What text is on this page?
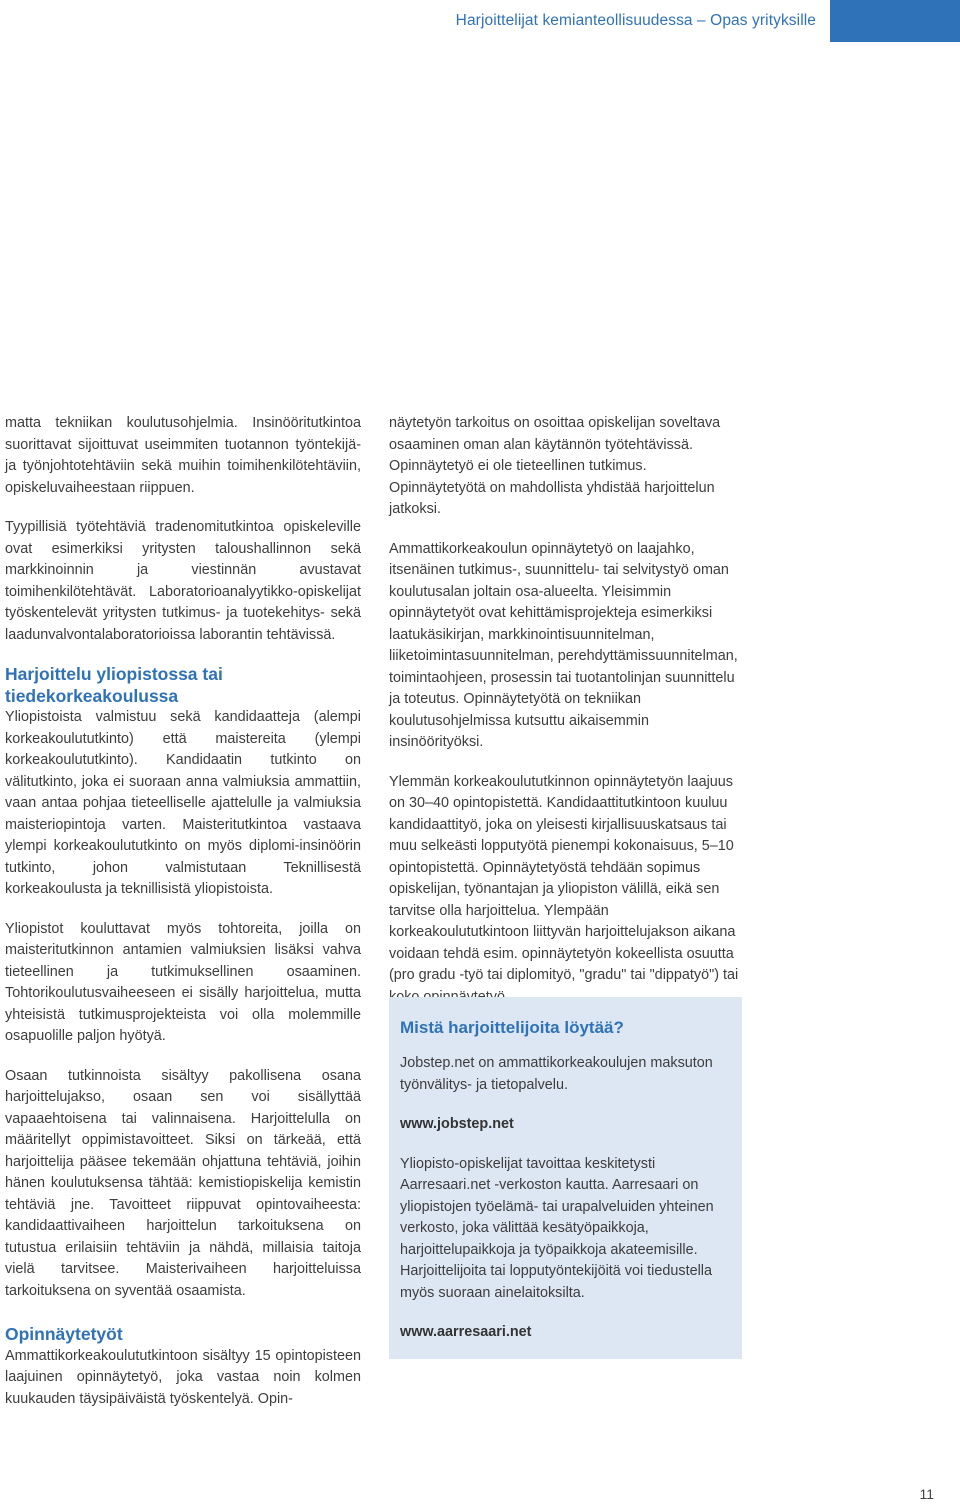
Harjoittelijat kemianteollisuudessa – Opas yrityksille

matta tekniikan koulutusohjelmia. Insinööritutkintoa suorittavat sijoittuvat useimmiten tuotannon työntekijä- ja työnjohtotehtäviin sekä muihin toimihenkilötehtäviin, opiskeluvaiheestaan riippuen.

Tyypillisiä työtehtäviä tradenomitutkintoa opiskeleville ovat esimerkiksi yritysten taloushallinnon sekä markkinoinnin ja viestinnän avustavat toimihenkilötehtävät. Laboratorioanalyytikko-opiskelijat työskentelevät yritysten tutkimus- ja tuotekehitys- sekä laadunvalvontalaboratorioissa laborantin tehtävissä.

Harjoittelu yliopistossa tai tiedekorkeakoulussa

Yliopistoista valmistuu sekä kandidaatteja (alempi korkeakoulututkinto) että maistereita (ylempi korkeakoulututkinto). Kandidaatin tutkinto on välitutkinto, joka ei suoraan anna valmiuksia ammattiin, vaan antaa pohjaa tieteelliselle ajattelulle ja valmiuksia maisteriopintoja varten. Maisteritutkintoa vastaava ylempi korkeakoulututkinto on myös diplomi-insinöörin tutkinto, johon valmistutaan Teknillisestä korkeakoulusta ja teknillisistä yliopistoista.

Yliopistot kouluttavat myös tohtoreita, joilla on maisteritutkinnon antamien valmiuksien lisäksi vahva tieteellinen ja tutkimuksellinen osaaminen. Tohtorikoulutusvaiheeseen ei sisälly harjoittelua, mutta yhteisistä tutkimusprojekteista voi olla molemmille osapuolille paljon hyötyä.

Osaan tutkinnoista sisältyy pakollisena osana harjoittelujakso, osaan sen voi sisällyttää vapaaehtoisena tai valinnaisena. Harjoittelulla on määritellyt oppimistavoitteet. Siksi on tärkeää, että harjoittelija pääsee tekemään ohjattuna tehtäviä, joihin hänen koulutuksensa tähtää: kemistiopiskelija kemistin tehtäviä jne. Tavoitteet riippuvat opintovaiheesta: kandidaattivaiheen harjoittelun tarkoituksena on tutustua erilaisiin tehtäviin ja nähdä, millaisia taitoja vielä tarvitsee. Maisterivaiheen harjoitteluissa tarkoituksena on syventää osaamista.

Opinnäytetyöt

Ammattikorkeakoulututkintoon sisältyy 15 opintopisteen laajuinen opinnäytetyö, joka vastaa noin kolmen kuukauden täysipäiväistä työskentelyä. Opin-

näytetyön tarkoitus on osoittaa opiskelijan soveltava osaaminen oman alan käytännön työtehtävissä. Opinnäytetyö ei ole tieteellinen tutkimus. Opinnäytetyötä on mahdollista yhdistää harjoittelun jatkoksi.

Ammattikorkeakoulun opinnäytetyö on laajahko, itsenäinen tutkimus-, suunnittelu- tai selvitystyö oman koulutusalan joltain osa-alueelta. Yleisimmin opinnäytetyöt ovat kehittämisprojekteja esimerkiksi laatukäsikirjan, markkinointisuunnitelman, liiketoimintasuunnitelman, perehdyttämissuunnitelman, toimintaohjeen, prosessin tai tuotantolinjan suunnittelu ja toteutus. Opinnäytetyötä on tekniikan koulutusohjelmissa kutsuttu aikaisemmin insinöörityöksi.

Ylemmän korkeakoulututkinnon opinnäytetyön laajuus on 30–40 opintopistettä. Kandidaattitutkintoon kuuluu kandidaattityö, joka on yleisesti kirjallisuuskatsaus tai muu selkeästi lopputyötä pienempi kokonaisuus, 5–10 opintopistettä. Opinnäytetyöstä tehdään sopimus opiskelijan, työnantajan ja yliopiston välillä, eikä sen tarvitse olla harjoittelua. Ylempään korkeakoulututkintoon liittyvän harjoittelujakson aikana voidaan tehdä esim. opinnäytetyön kokeellista osuutta (pro gradu -työ tai diplomityö, "gradu" tai "dippatyö") tai

Mistä harjoittelijoita löytää?

Jobstep.net on ammattikorkeakoulujen maksuton työnvälitys- ja tietopalvelu.

www.jobstep.net

Yliopisto-opiskelijat tavoittaa keskitetysti Aarresaari.net -verkoston kautta. Aarresaari on yliopistojen työelämä- tai urapalveluiden yhteinen verkosto, joka välittää kesätyöpaikkoja, harjoittelupaikkoja ja työpaikkoja akateemisille. Harjoittelijoita tai lopputyöntekijöitä voi tiedustella myös suoraan ainelaitoksilta.

www.aarresaari.net

11
